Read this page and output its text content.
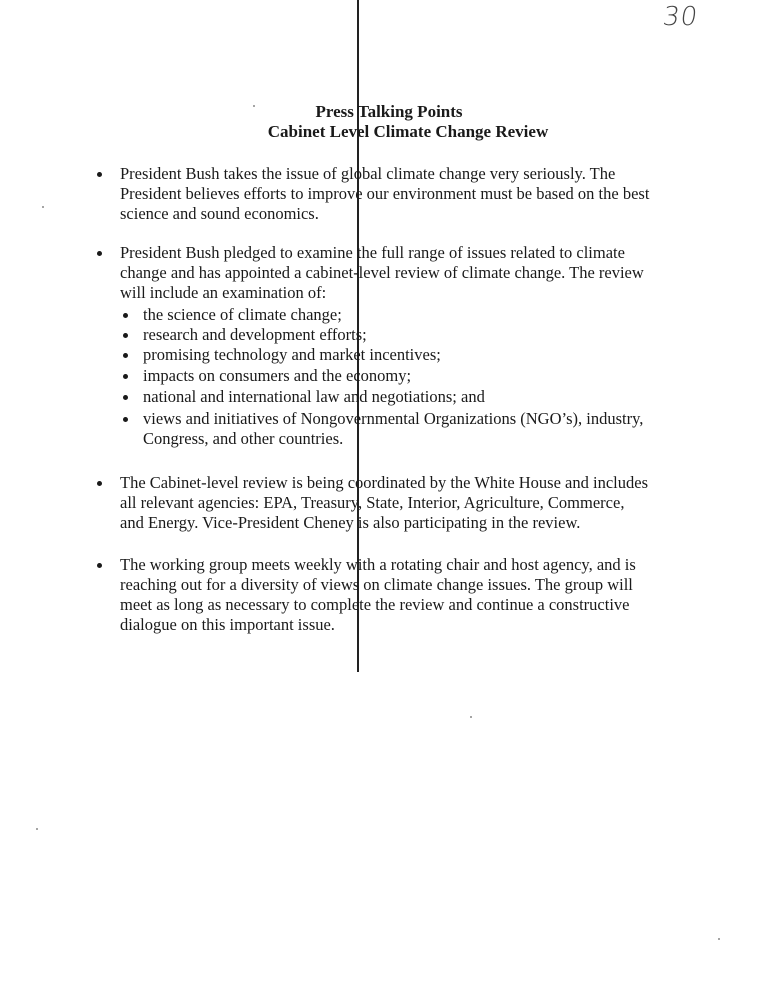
30
Press Talking Points
Cabinet Level Climate Change Review
President Bush takes the issue of global climate change very seriously. The
President believes efforts to improve our environment must be based on the best
science and sound economics.
President Bush pledged to examine the full range of issues related to climate
change and has appointed a cabinet-level review of climate change. The review
will include an examination of:
the science of climate change;
research and development efforts;
promising technology and market incentives;
impacts on consumers and the economy;
national and international law and negotiations; and
views and initiatives of Nongovernmental Organizations (NGO’s), industry,
Congress, and other countries.
The Cabinet-level review is being coordinated by the White House and includes
all relevant agencies: EPA, Treasury, State, Interior, Agriculture, Commerce,
and Energy. Vice-President Cheney is also participating in the review.
The working group meets weekly with a rotating chair and host agency, and is
reaching out for a diversity of views on climate change issues. The group will
meet as long as necessary to complete the review and continue a constructive
dialogue on this important issue.
